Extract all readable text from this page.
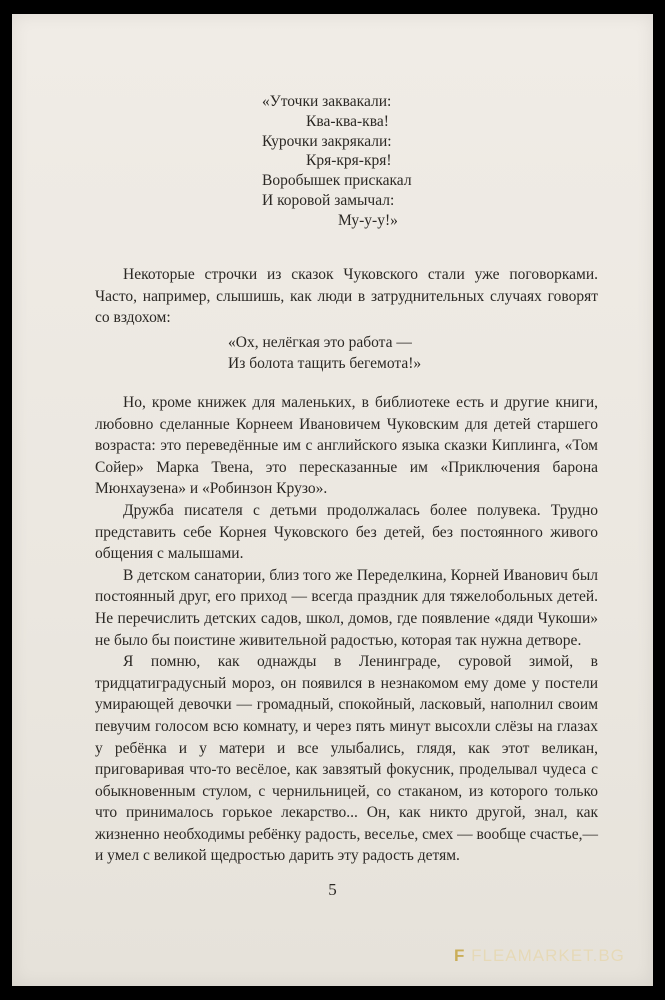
«Уточки заквакали:
Ква-ква-ква!
Курочки закрякали:
Кря-кря-кря!
Воробышек прискакал
И коровой замычал:
Му-у-у!»

Некоторые строчки из сказок Чуковского стали уже поговорками. Часто, например, слышишь, как люди в затруднительных случаях говорят со вздохом:

«Ох, нелёгкая это работа —
Из болота тащить бегемота!»

Но, кроме книжек для маленьких, в библиотеке есть и другие книги, любовно сделанные Корнеем Ивановичем Чуковским для детей старшего возраста: это переведённые им с английского языка сказки Киплинга, «Том Сойер» Марка Твена, это пересказанные им «Приключения барона Мюнхаузена» и «Робинзон Крузо».

Дружба писателя с детьми продолжалась более полувека. Трудно представить себе Корнея Чуковского без детей, без постоянного живого общения с малышами.

В детском санатории, близ того же Переделкина, Корней Иванович был постоянный друг, его приход — всегда праздник для тяжелобольных детей. Не перечислить детских садов, школ, домов, где появление «дяди Чукоши» не было бы поистине живительной радостью, которая так нужна детворе.

Я помню, как однажды в Ленинграде, суровой зимой, в тридцатиградусный мороз, он появился в незнакомом ему доме у постели умирающей девочки — громадный, спокойный, ласковый, наполнил своим певучим голосом всю комнату, и через пять минут высохли слёзы на глазах у ребёнка и у матери и все улыбались, глядя, как этот великан, приговаривая что-то весёлое, как завзятый фокусник, проделывал чудеса с обыкновенным стулом, с чернильницей, со стаканом, из которого только что принималось горькое лекарство... Он, как никто другой, знал, как жизненно необходимы ребёнку радость, веселье, смех — вообще счастье,— и умел с великой щедростью дарить эту радость детям.

5
F FLEAMARKET.BG
